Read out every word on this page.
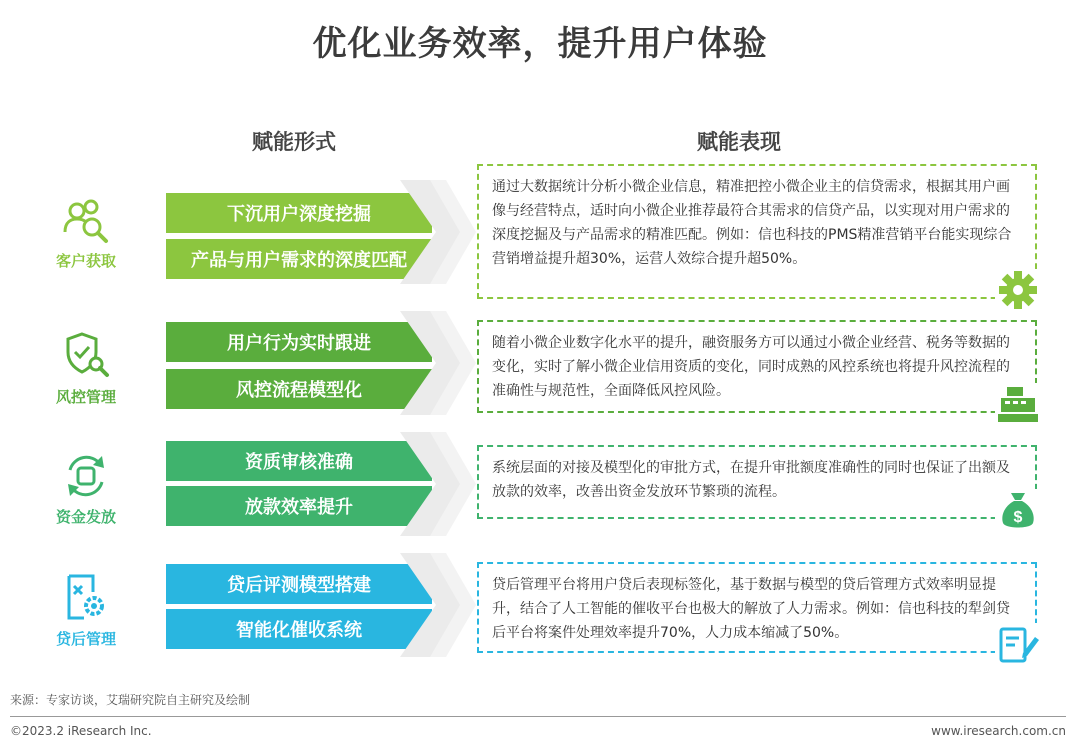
优化业务效率，提升用户体验
赋能形式	赋能表现
客户获取
下沉用户深度挖掘
产品与用户需求的深度匹配
通过大数据统计分析小微企业信息，精准把控小微企业主的信贷需求，根据其用户画像与经营特点，适时向小微企业推荐最符合其需求的信贷产品，以实现对用户需求的深度挖掘及与产品需求的精准匹配。例如：信也科技的PMS精准营销平台能实现综合营销增益提升超30%，运营人效综合提升超50%。
风控管理
用户行为实时跟进
风控流程模型化
随着小微企业数字化水平的提升，融资服务方可以通过小微企业经营、税务等数据的变化，实时了解小微企业信用资质的变化，同时成熟的风控系统也将提升风控流程的准确性与规范性，全面降低风控风险。
资金发放
资质审核准确
放款效率提升
系统层面的对接及模型化的审批方式，在提升审批额度准确性的同时也保证了出额及放款的效率，改善出资金发放环节繁琐的流程。
$
贷后管理
贷后评测模型搭建
智能化催收系统
贷后管理平台将用户贷后表现标签化，基于数据与模型的贷后管理方式效率明显提升，结合了人工智能的催收平台也极大的解放了人力需求。例如：信也科技的犁剑贷后平台将案件处理效率提升70%，人力成本缩减了50%。
来源：专家访谈，艾瑞研究院自主研究及绘制
©2023.2 iResearch Inc.	www.iresearch.com.cn
